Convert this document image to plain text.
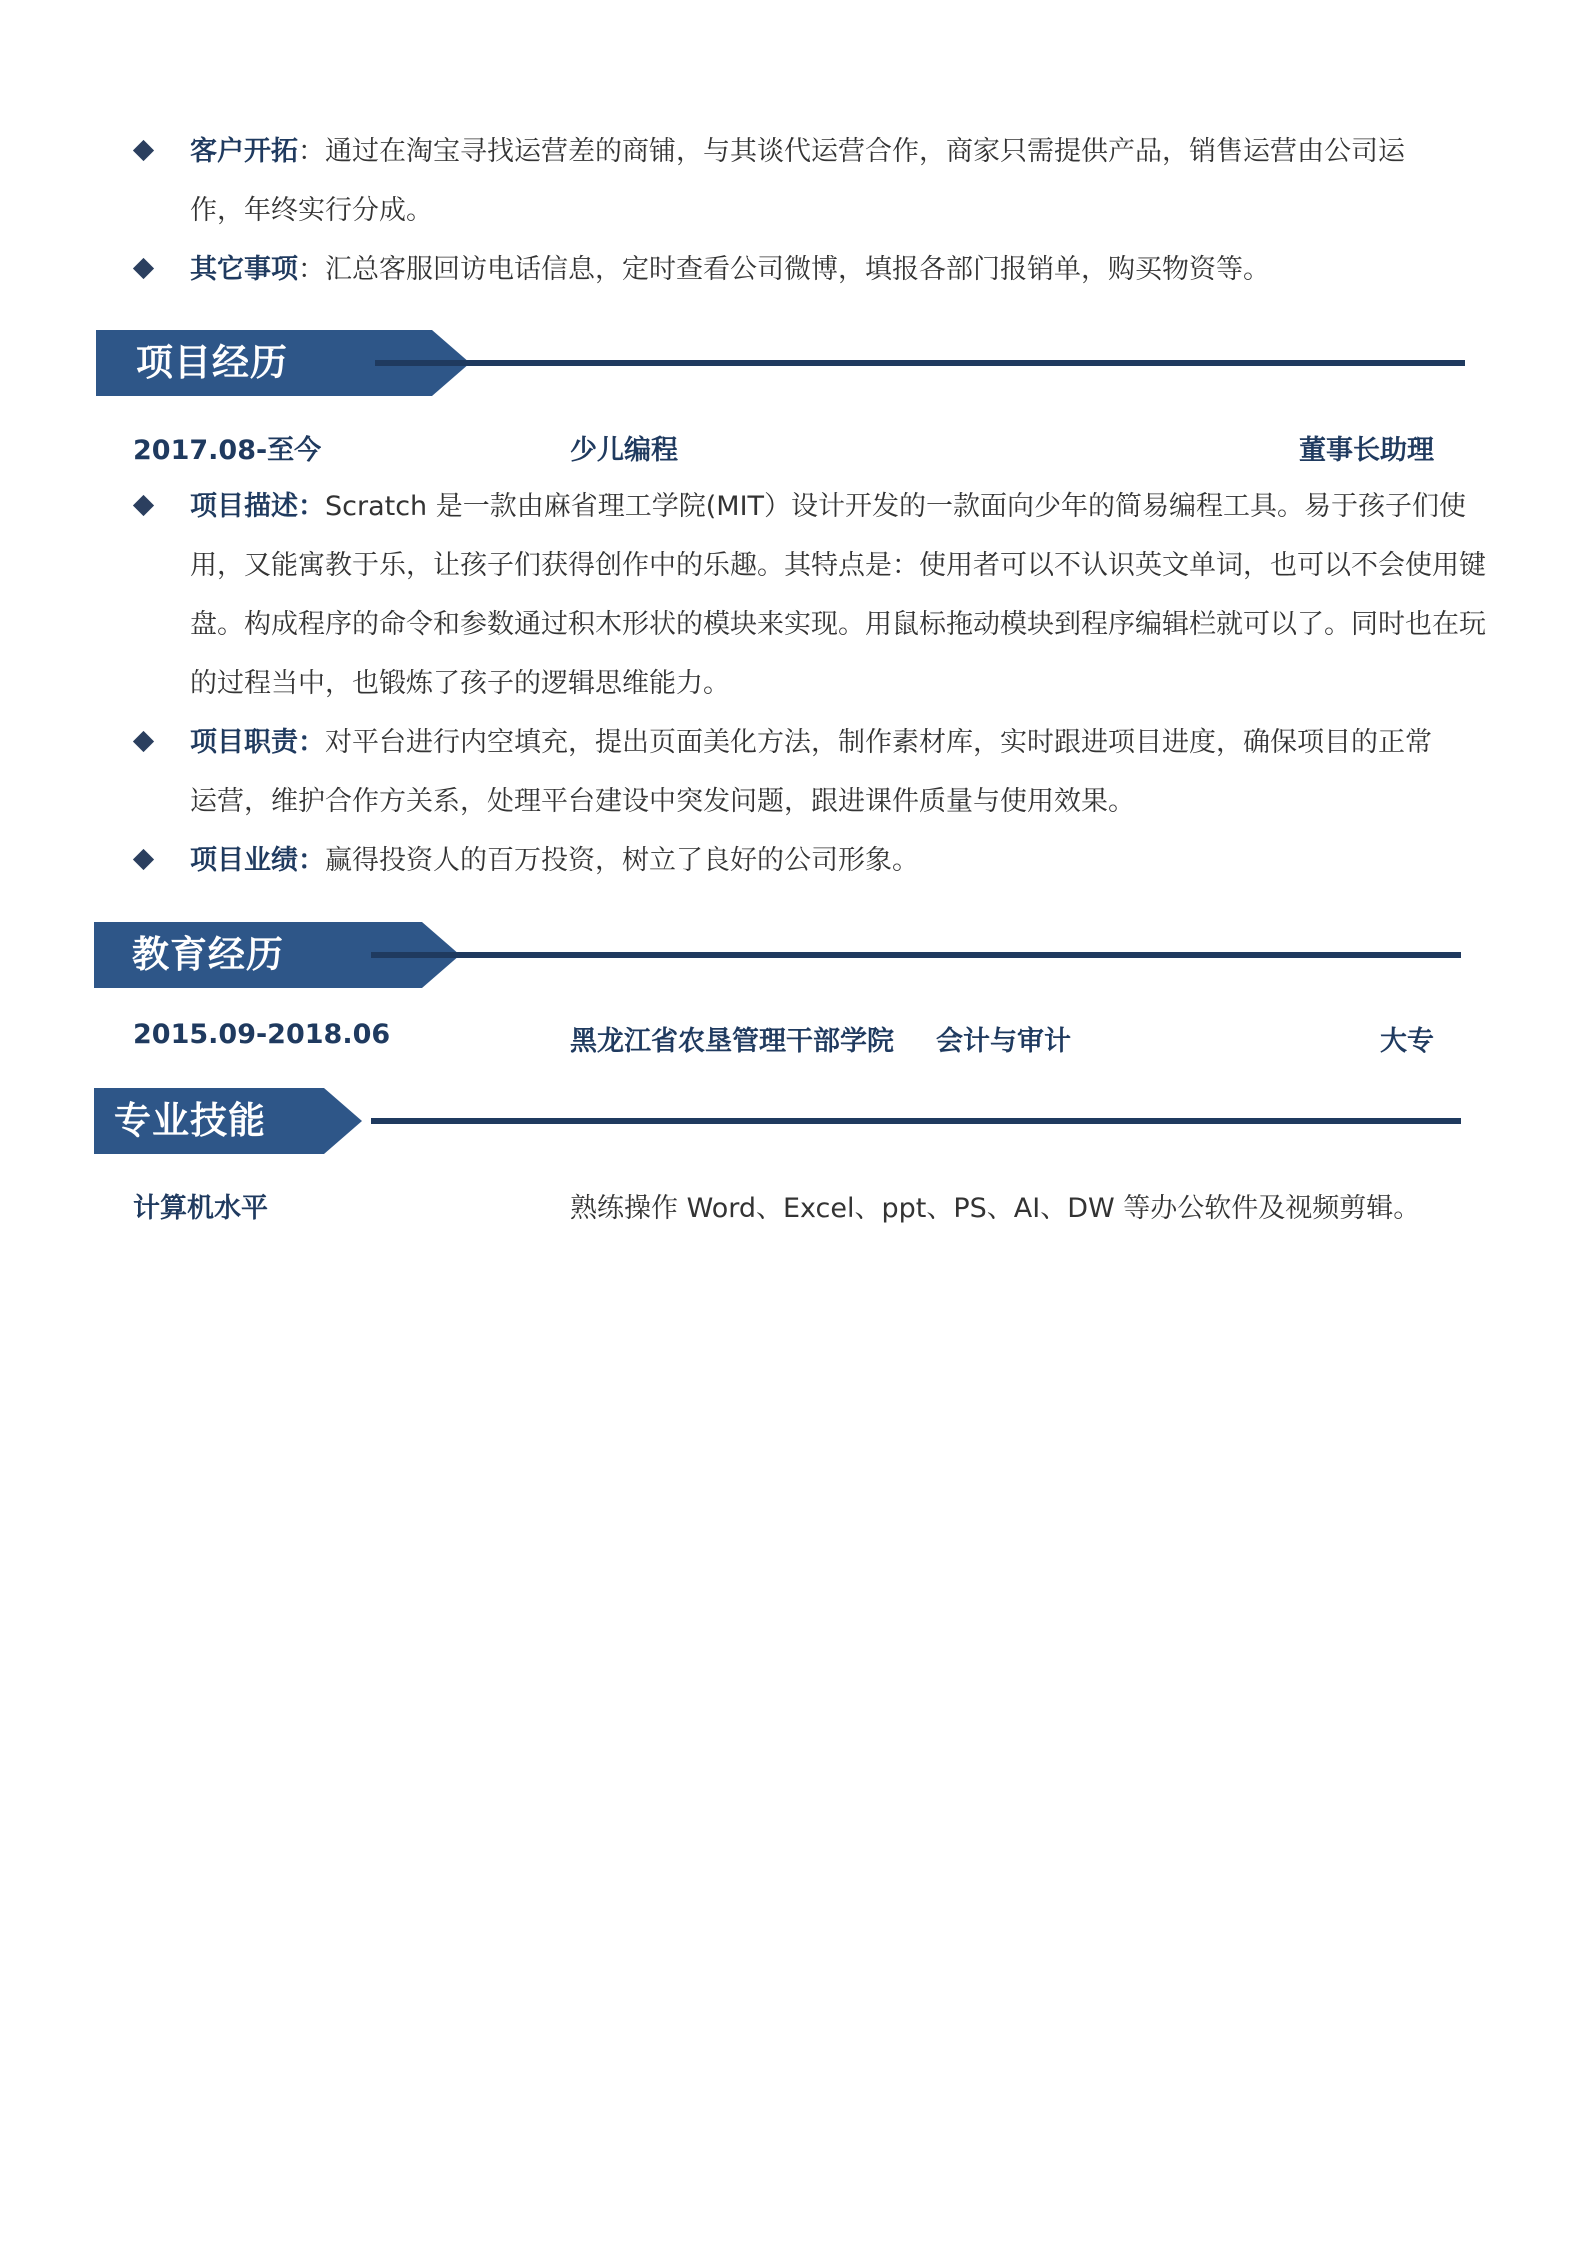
客户开拓：通过在淘宝寻找运营差的商铺，与其谈代运营合作，商家只需提供产品，销售运营由公司运作，年终实行分成。
其它事项：汇总客服回访电话信息，定时查看公司微博，填报各部门报销单，购买物资等。
项目经历
2017.08-至今	少儿编程	董事长助理
项目描述：Scratch 是一款由麻省理工学院(MIT）设计开发的一款面向少年的简易编程工具。易于孩子们使用，又能寓教于乐，让孩子们获得创作中的乐趣。其特点是：使用者可以不认识英文单词，也可以不会使用键盘。构成程序的命令和参数通过积木形状的模块来实现。用鼠标拖动模块到程序编辑栏就可以了。同时也在玩的过程当中，也锻炼了孩子的逻辑思维能力。
项目职责：对平台进行内空填充，提出页面美化方法，制作素材库，实时跟进项目进度，确保项目的正常运营，维护合作方关系，处理平台建设中突发问题，跟进课件质量与使用效果。
项目业绩：赢得投资人的百万投资，树立了良好的公司形象。
教育经历
2015.09-2018.06	黑龙江省农垦管理干部学院 会计与审计	大专
专业技能
计算机水平	熟练操作 Word、Excel、ppt、PS、AI、DW 等办公软件及视频剪辑。
